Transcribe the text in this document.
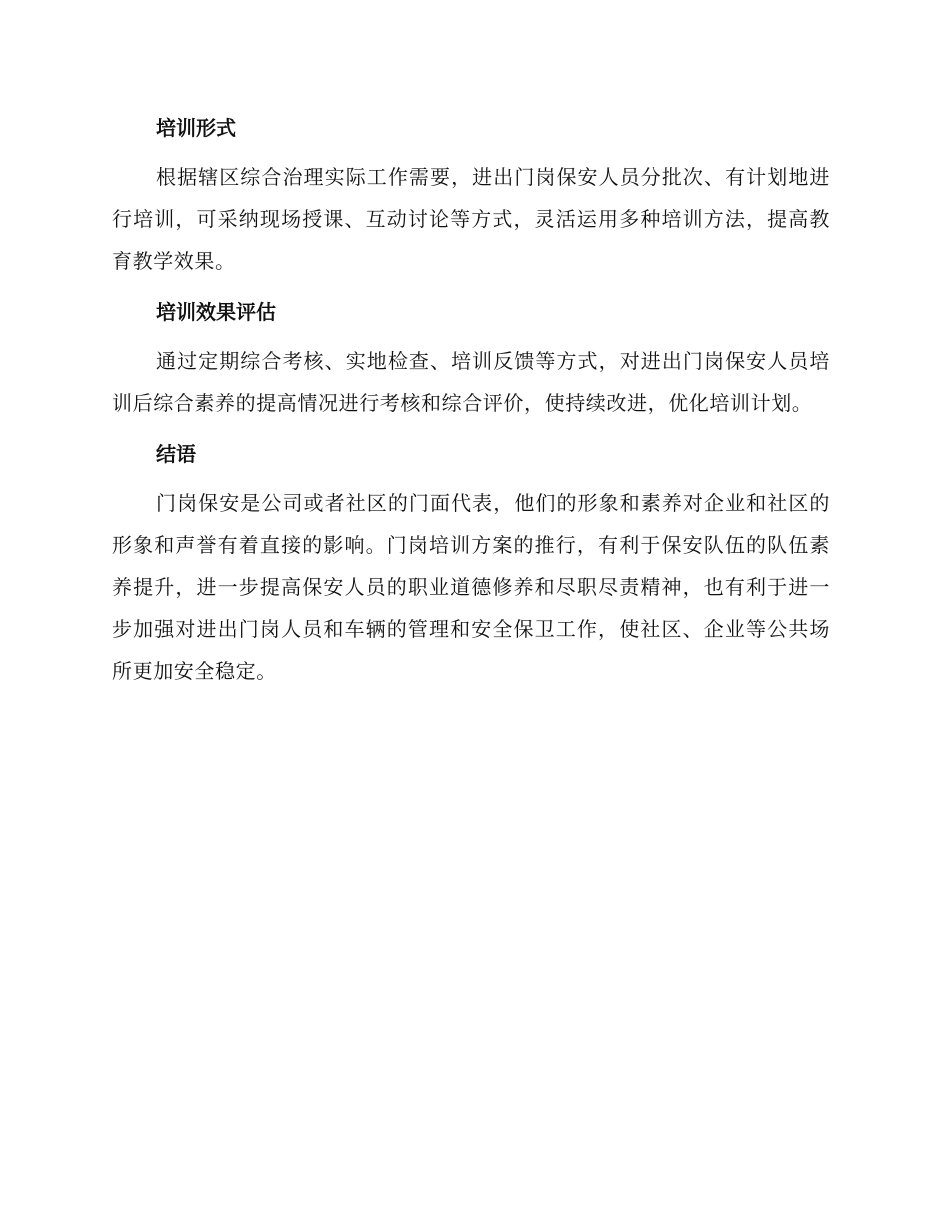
培训形式

根据辖区综合治理实际工作需要，进出门岗保安人员分批次、有计划地进行培训，可采纳现场授课、互动讨论等方式，灵活运用多种培训方法，提高教育教学效果。

培训效果评估

通过定期综合考核、实地检查、培训反馈等方式，对进出门岗保安人员培训后综合素养的提高情况进行考核和综合评价，使持续改进，优化培训计划。

结语

门岗保安是公司或者社区的门面代表，他们的形象和素养对企业和社区的形象和声誉有着直接的影响。门岗培训方案的推行，有利于保安队伍的队伍素养提升，进一步提高保安人员的职业道德修养和尽职尽责精神，也有利于进一步加强对进出门岗人员和车辆的管理和安全保卫工作，使社区、企业等公共场所更加安全稳定。
